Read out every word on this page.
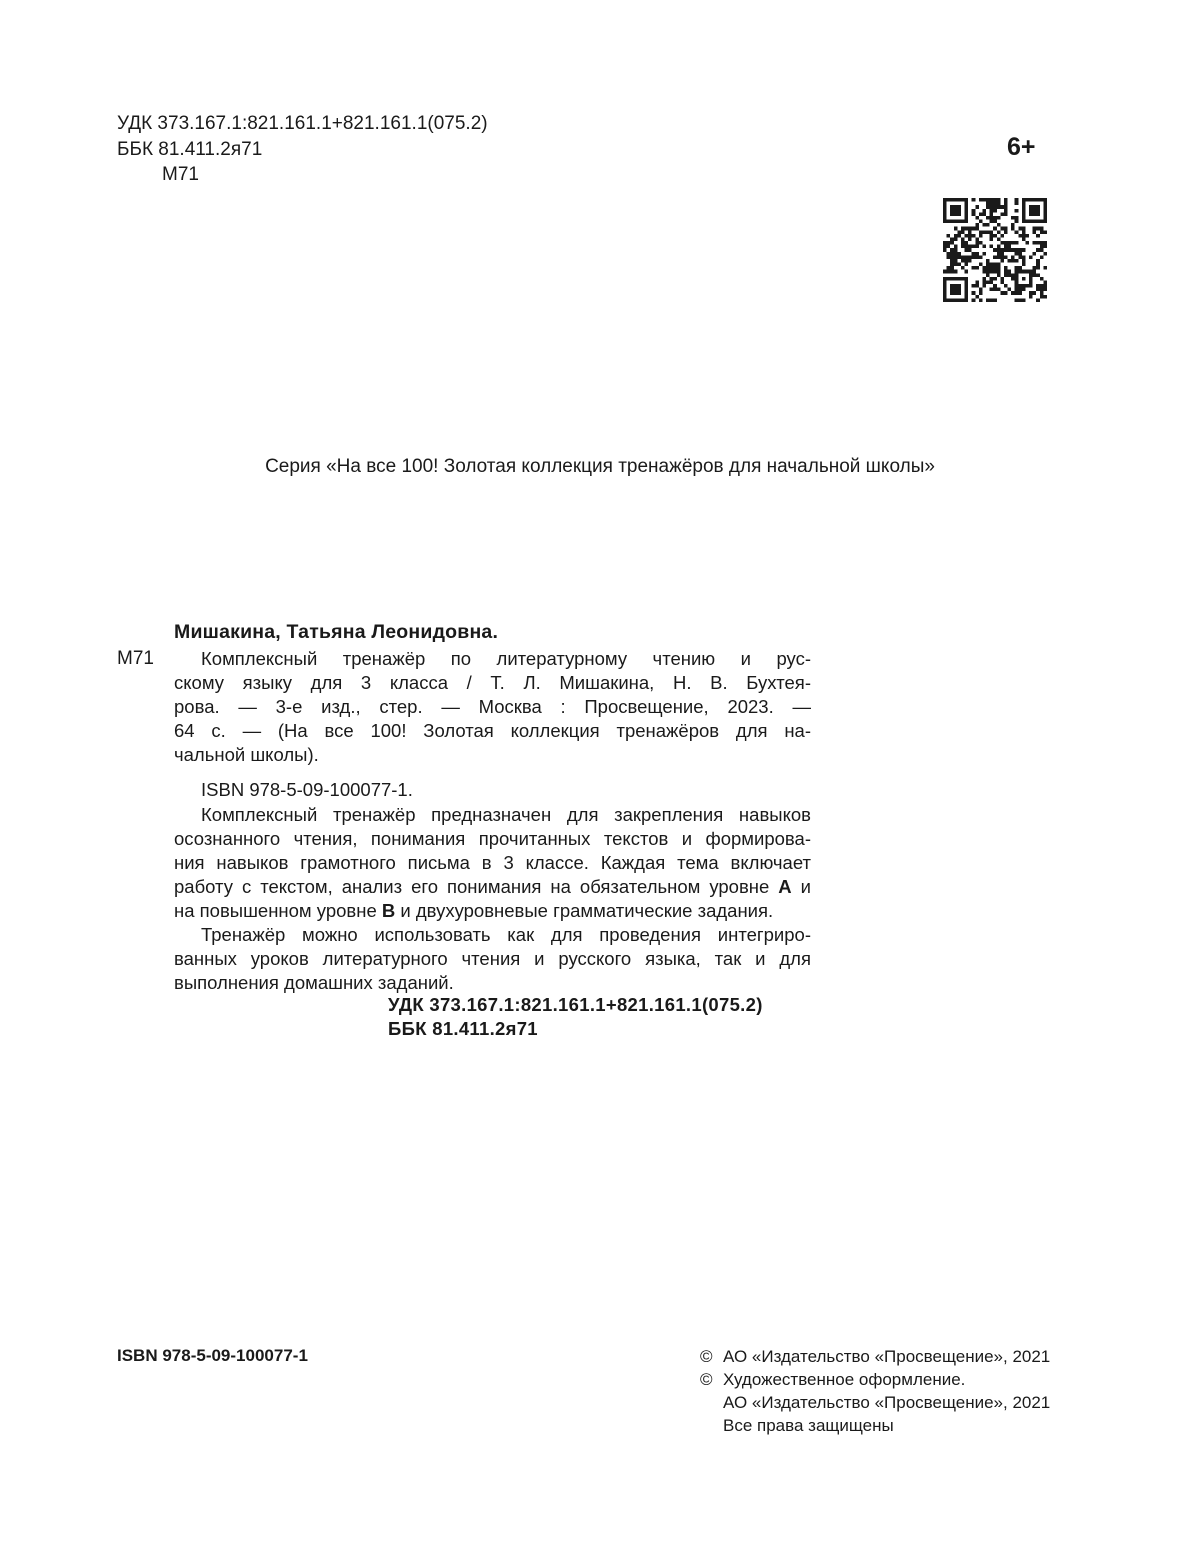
УДК 373.167.1:821.161.1+821.161.1(075.2)
ББК 81.411.2я71
М71
6+
Серия «На все 100! Золотая коллекция тренажёров для начальной школы»
Мишакина, Татьяна Леонидовна.
М71	Комплексный тренажёр по литературному чтению и рус-
скому языку для 3 класса / Т. Л. Мишакина, Н. В. Бухтея-
рова. — 3-е изд., стер. — Москва : Просвещение, 2023. —
64 с. — (На все 100! Золотая коллекция тренажёров для на-
чальной школы).
ISBN 978-5-09-100077-1.
Комплексный тренажёр предназначен для закрепления навыков
осознанного чтения, понимания прочитанных текстов и формирова-
ния навыков грамотного письма в 3 классе. Каждая тема включает
работу с текстом, анализ его понимания на обязательном уровне А и
на повышенном уровне В и двухуровневые грамматические задания.
Тренажёр можно использовать как для проведения интегриро-
ванных уроков литературного чтения и русского языка, так и для
выполнения домашних заданий.
УДК 373.167.1:821.161.1+821.161.1(075.2)
ББК 81.411.2я71
ISBN 978-5-09-100077-1	© АО «Издательство «Просвещение», 2021
© Художественное оформление.
АО «Издательство «Просвещение», 2021
Все права защищены
